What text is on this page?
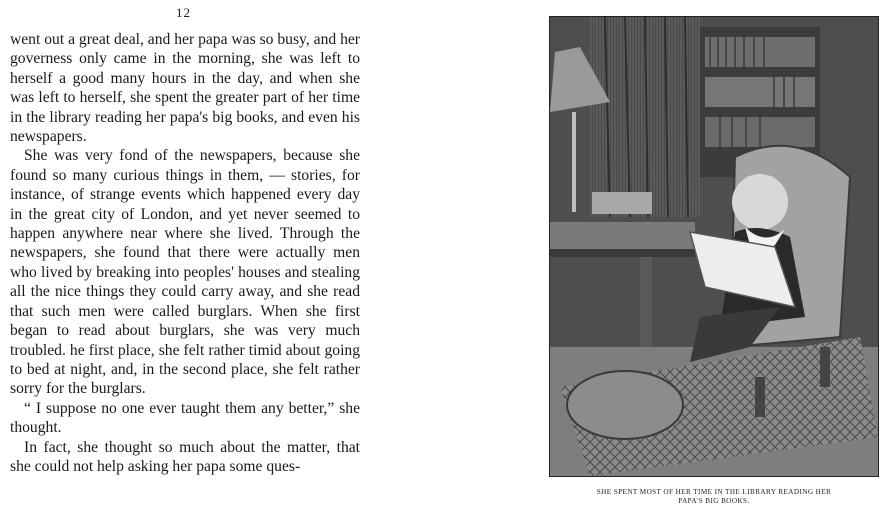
12

went out a great deal, and her papa was so busy, and her governess only came in the morning, she was left to herself a good many hours in the day, and when she was left to herself, she spent the greater part of her time in the library reading her papa's big books, and even his newspapers.

She was very fond of the newspapers, because she found so many curious things in them, — stories, for instance, of strange events which happened every day in the great city of London, and yet never seemed to happen anywhere near where she lived. Through the newspapers, she found that there were actually men who lived by breaking into peoples' houses and stealing all the nice things they could carry away, and she read that such men were called burglars. When she first began to read about burglars, she was very much troubled. he first place, she felt rather timid about going to bed at night, and, in the second place, she felt rather sorry for the burglars.

“ I suppose no one ever taught them any better,” she thought.

In fact, she thought so much about the matter, that she could not help asking her papa some ques-

SHE SPENT MOST OF HER TIME IN THE LIBRARY READING HER
PAPA'S BIG BOOKS.
